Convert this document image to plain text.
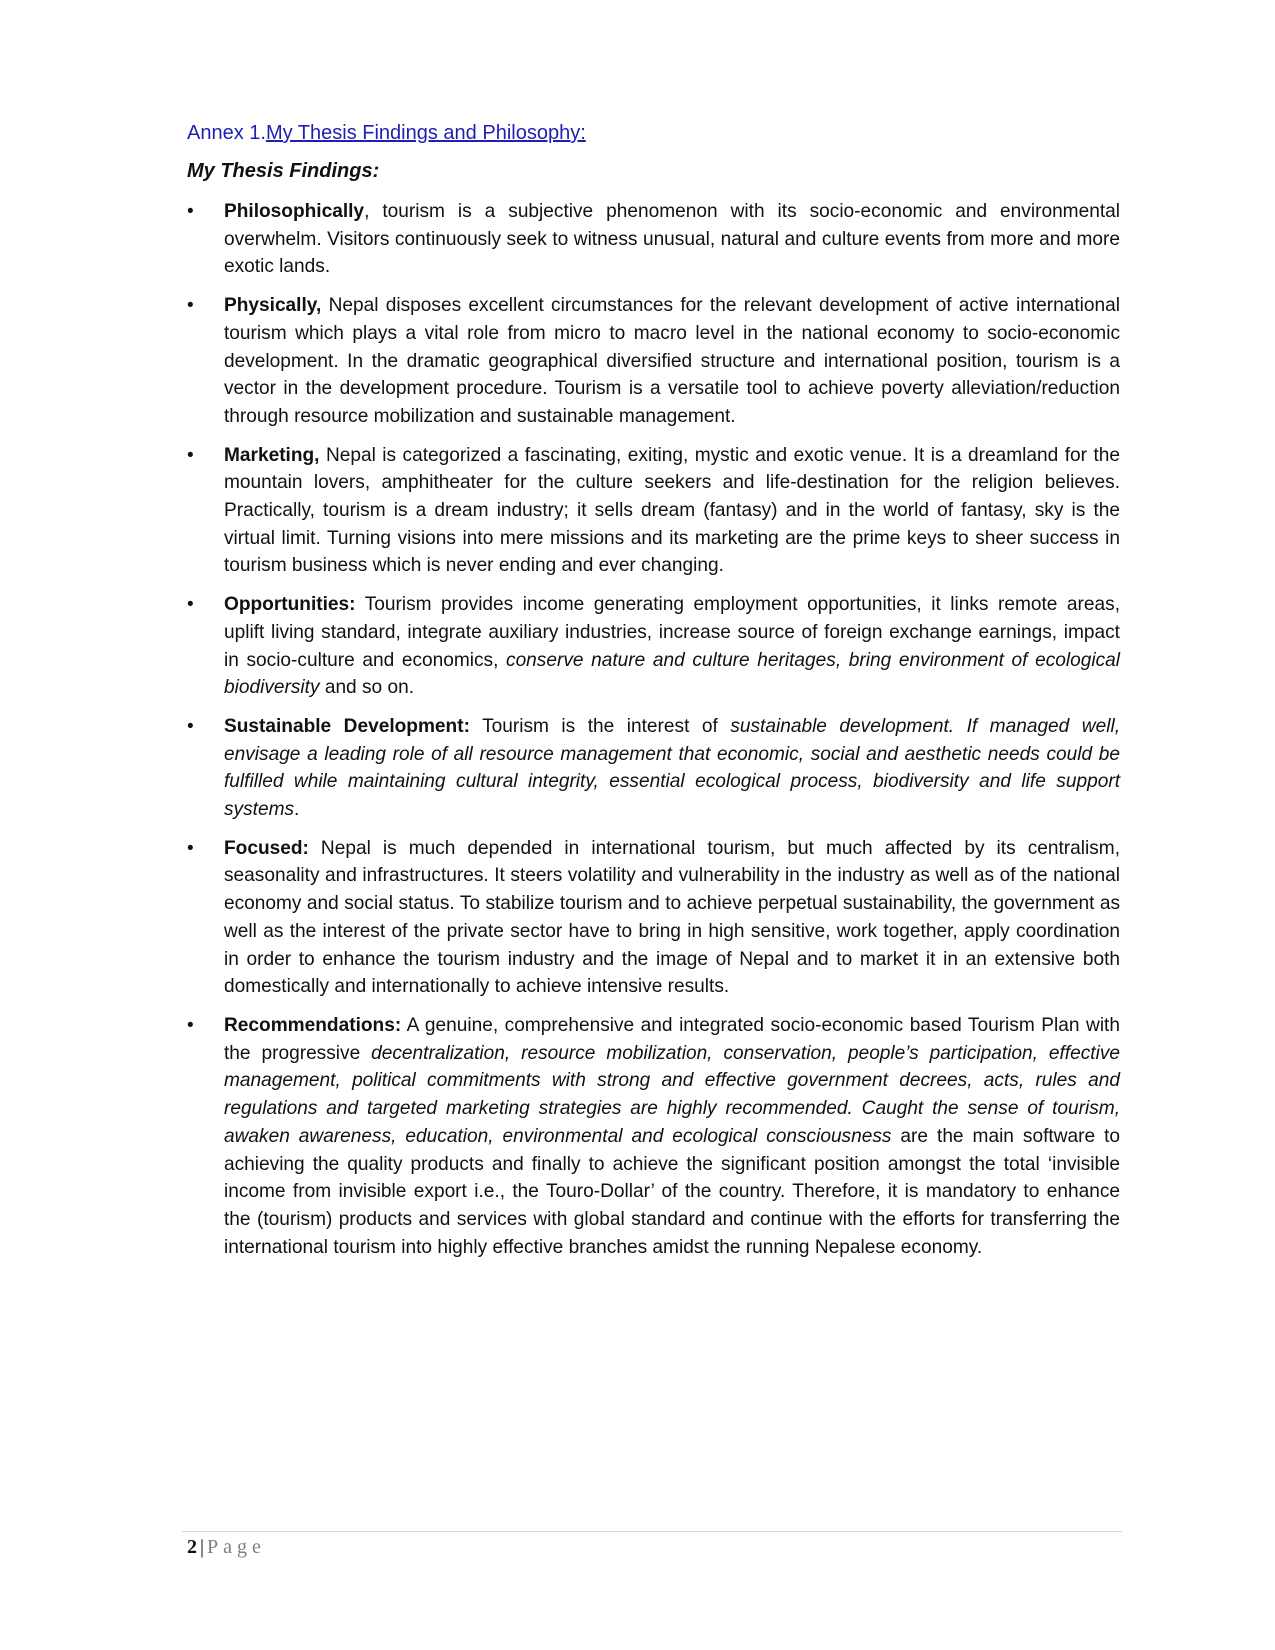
Annex 1.My Thesis Findings and Philosophy:
My Thesis Findings:
•	Philosophically, tourism is a subjective phenomenon with its socio-economic and environmental overwhelm. Visitors continuously seek to witness unusual, natural and culture events from more and more exotic lands.
•	Physically, Nepal disposes excellent circumstances for the relevant development of active international tourism which plays a vital role from micro to macro level in the national economy to socio-economic development. In the dramatic geographical diversified structure and international position, tourism is a vector in the development procedure. Tourism is a versatile tool to achieve poverty alleviation/reduction through resource mobilization and sustainable management.
•	Marketing, Nepal is categorized a fascinating, exiting, mystic and exotic venue. It is a dreamland for the mountain lovers, amphitheater for the culture seekers and life-destination for the religion believes. Practically, tourism is a dream industry; it sells dream (fantasy) and in the world of fantasy, sky is the virtual limit. Turning visions into mere missions and its marketing are the prime keys to sheer success in tourism business which is never ending and ever changing.
•	Opportunities: Tourism provides income generating employment opportunities, it links remote areas, uplift living standard, integrate auxiliary industries, increase source of foreign exchange earnings, impact in socio-culture and economics, conserve nature and culture heritages, bring environment of ecological biodiversity and so on.
•	Sustainable Development: Tourism is the interest of sustainable development. If managed well, envisage a leading role of all resource management that economic, social and aesthetic needs could be fulfilled while maintaining cultural integrity, essential ecological process, biodiversity and life support systems.
•	Focused: Nepal is much depended in international tourism, but much affected by its centralism, seasonality and infrastructures. It steers volatility and vulnerability in the industry as well as of the national economy and social status. To stabilize tourism and to achieve perpetual sustainability, the government as well as the interest of the private sector have to bring in high sensitive, work together, apply coordination in order to enhance the tourism industry and the image of Nepal and to market it in an extensive both domestically and internationally to achieve intensive results.
•	Recommendations: A genuine, comprehensive and integrated socio-economic based Tourism Plan with the progressive decentralization, resource mobilization, conservation, people’s participation, effective management, political commitments with strong and effective government decrees, acts, rules and regulations and targeted marketing strategies are highly recommended. Caught the sense of tourism, awaken awareness, education, environmental and ecological consciousness are the main software to achieving the quality products and finally to achieve the significant position amongst the total ‘invisible income from invisible export i.e., the Touro-Dollar’ of the country. Therefore, it is mandatory to enhance the (tourism) products and services with global standard and continue with the efforts for transferring the international tourism into highly effective branches amidst the running Nepalese economy.
2 | Page
